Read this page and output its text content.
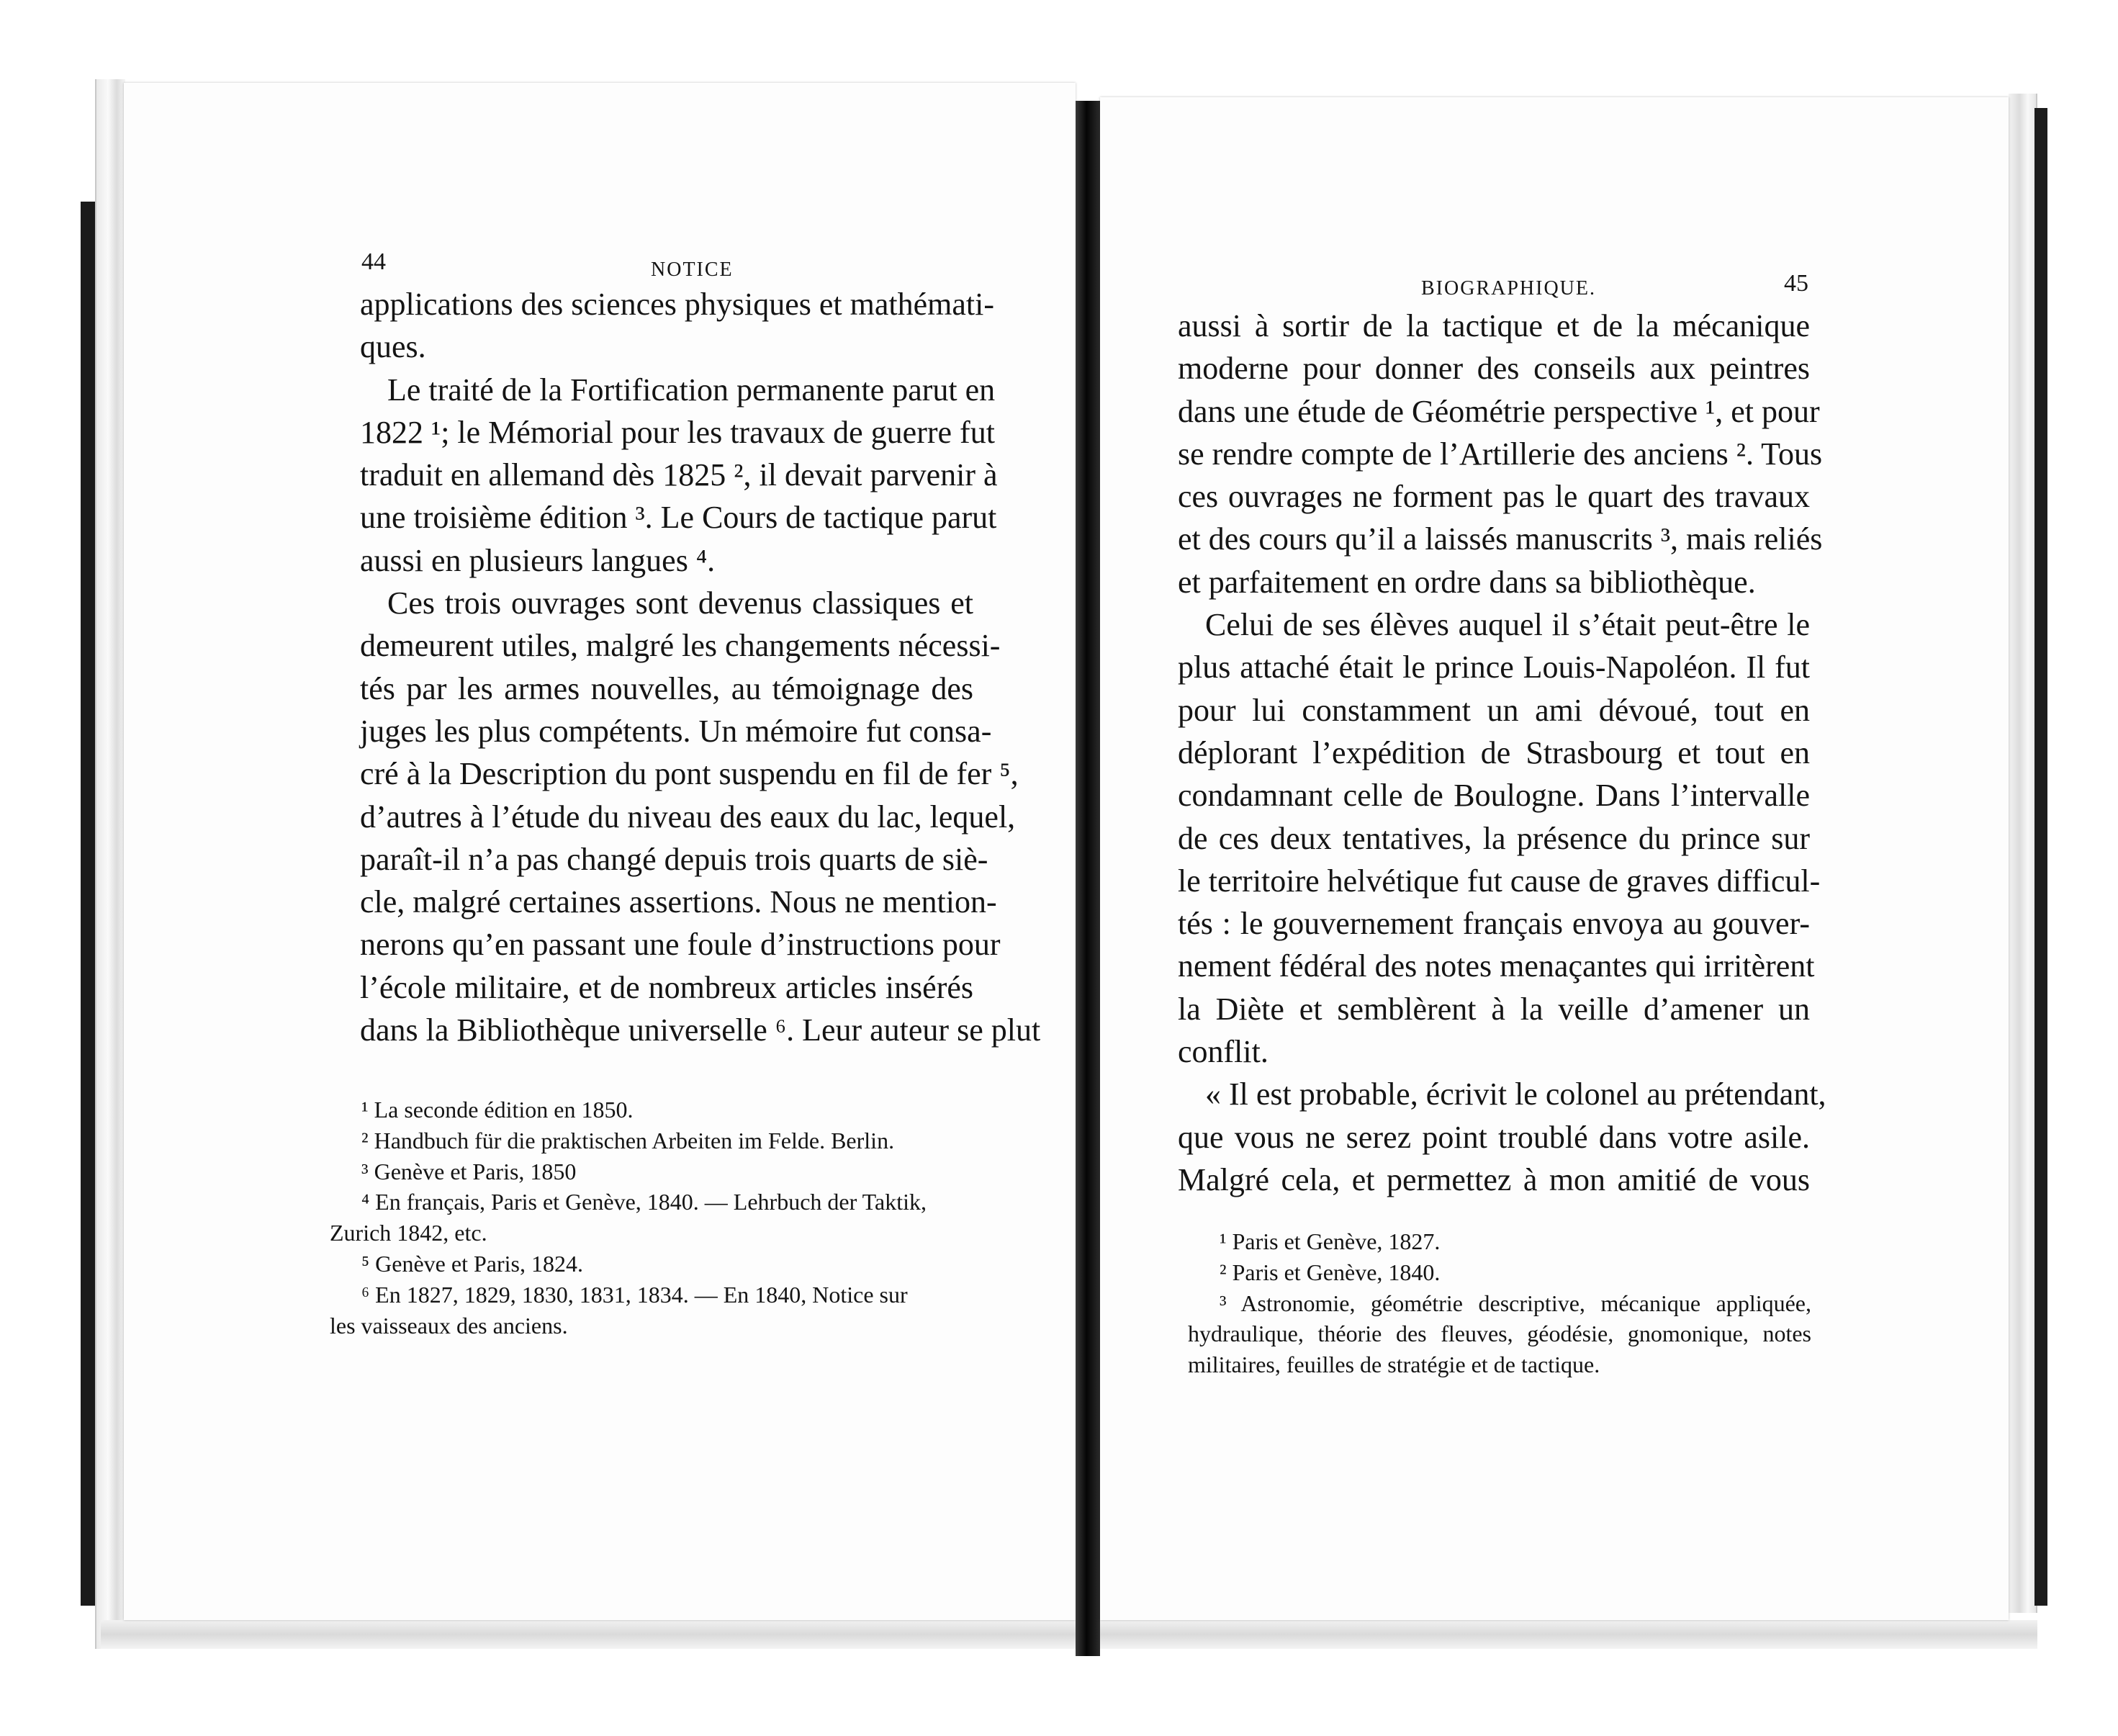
44	NOTICE
applications des sciences physiques et mathémati-
ques.
Le traité de la Fortification permanente parut en
1822 ¹; le Mémorial pour les travaux de guerre fut
traduit en allemand dès 1825 ², il devait parvenir à
une troisième édition ³. Le Cours de tactique parut
aussi en plusieurs langues ⁴.
Ces trois ouvrages sont devenus classiques et
demeurent utiles, malgré les changements nécessi-
tés par les armes nouvelles, au témoignage des
juges les plus compétents. Un mémoire fut consa-
cré à la Description du pont suspendu en fil de fer ⁵,
d’autres à l’étude du niveau des eaux du lac, lequel,
paraît-il n’a pas changé depuis trois quarts de siè-
cle, malgré certaines assertions. Nous ne mention-
nerons qu’en passant une foule d’instructions pour
l’école militaire, et de nombreux articles insérés
dans la Bibliothèque universelle ⁶. Leur auteur se plut
¹ La seconde édition en 1850.
² Handbuch für die praktischen Arbeiten im Felde. Berlin.
³ Genève et Paris, 1850
⁴ En français, Paris et Genève, 1840. — Lehrbuch der Taktik,
Zurich 1842, etc.
⁵ Genève et Paris, 1824.
⁶ En 1827, 1829, 1830, 1831, 1834. — En 1840, Notice sur
les vaisseaux des anciens.
BIOGRAPHIQUE.	45
aussi à sortir de la tactique et de la mécanique
moderne pour donner des conseils aux peintres
dans une étude de Géométrie perspective ¹, et pour
se rendre compte de l’Artillerie des anciens ². Tous
ces ouvrages ne forment pas le quart des travaux
et des cours qu’il a laissés manuscrits ³, mais reliés
et parfaitement en ordre dans sa bibliothèque.
Celui de ses élèves auquel il s’était peut-être le
plus attaché était le prince Louis-Napoléon. Il fut
pour lui constamment un ami dévoué, tout en
déplorant l’expédition de Strasbourg et tout en
condamnant celle de Boulogne. Dans l’intervalle
de ces deux tentatives, la présence du prince sur
le territoire helvétique fut cause de graves difficul-
tés : le gouvernement français envoya au gouver-
nement fédéral des notes menaçantes qui irritèrent
la Diète et semblèrent à la veille d’amener un
conflit.
« Il est probable, écrivit le colonel au prétendant,
que vous ne serez point troublé dans votre asile.
Malgré cela, et permettez à mon amitié de vous
¹ Paris et Genève, 1827.
² Paris et Genève, 1840.
³ Astronomie, géométrie descriptive, mécanique appliquée,
hydraulique, théorie des fleuves, géodésie, gnomonique, notes
militaires, feuilles de stratégie et de tactique.
